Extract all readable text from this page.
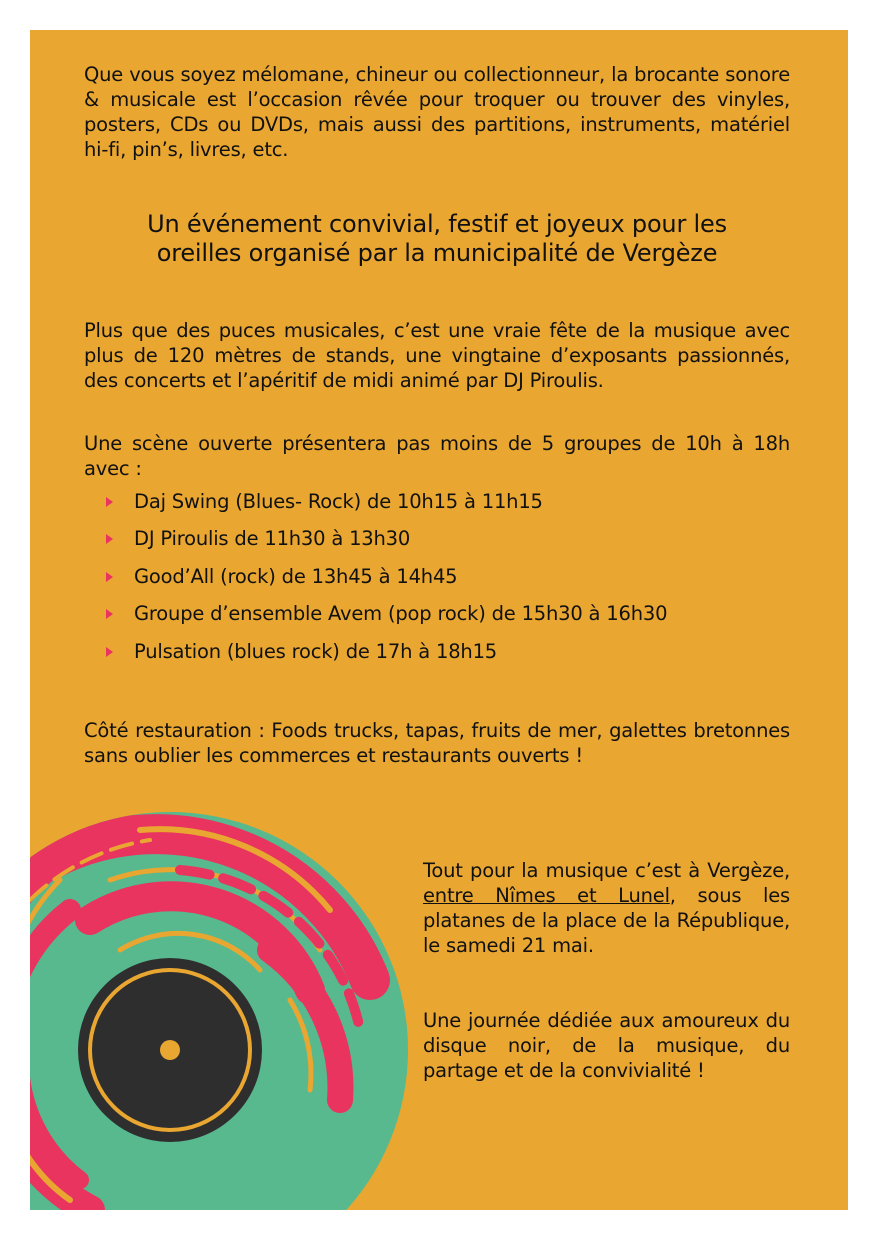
Que vous soyez mélomane, chineur ou collectionneur, la brocante sonore & musicale est l’occasion rêvée pour troquer ou trouver des vinyles, posters, CDs ou DVDs, mais aussi des partitions, instruments, matériel hi-fi, pin’s, livres, etc.

Un événement convivial, festif et joyeux pour les
oreilles organisé par la municipalité de Vergèze

Plus que des puces musicales, c’est une vraie fête de la musique avec plus de 120 mètres de stands, une vingtaine d’exposants passionnés, des concerts et l’apéritif de midi animé par DJ Piroulis.

Une scène ouverte présentera pas moins de 5 groupes de 10h à 18h avec :

Daj Swing (Blues- Rock) de 10h15 à 11h15
DJ Piroulis de 11h30 à 13h30
Good’All (rock) de 13h45 à 14h45
Groupe d’ensemble Avem (pop rock) de 15h30 à 16h30
Pulsation (blues rock) de 17h à 18h15

Côté restauration : Foods trucks, tapas, fruits de mer, galettes bretonnes sans oublier les commerces et restaurants ouverts !

Tout pour la musique c’est à Vergèze, entre Nîmes et Lunel, sous les platanes de la place de la République, le samedi 21 mai.

Une journée dédiée aux amoureux du disque noir, de la musique, du partage et de la convivialité !
